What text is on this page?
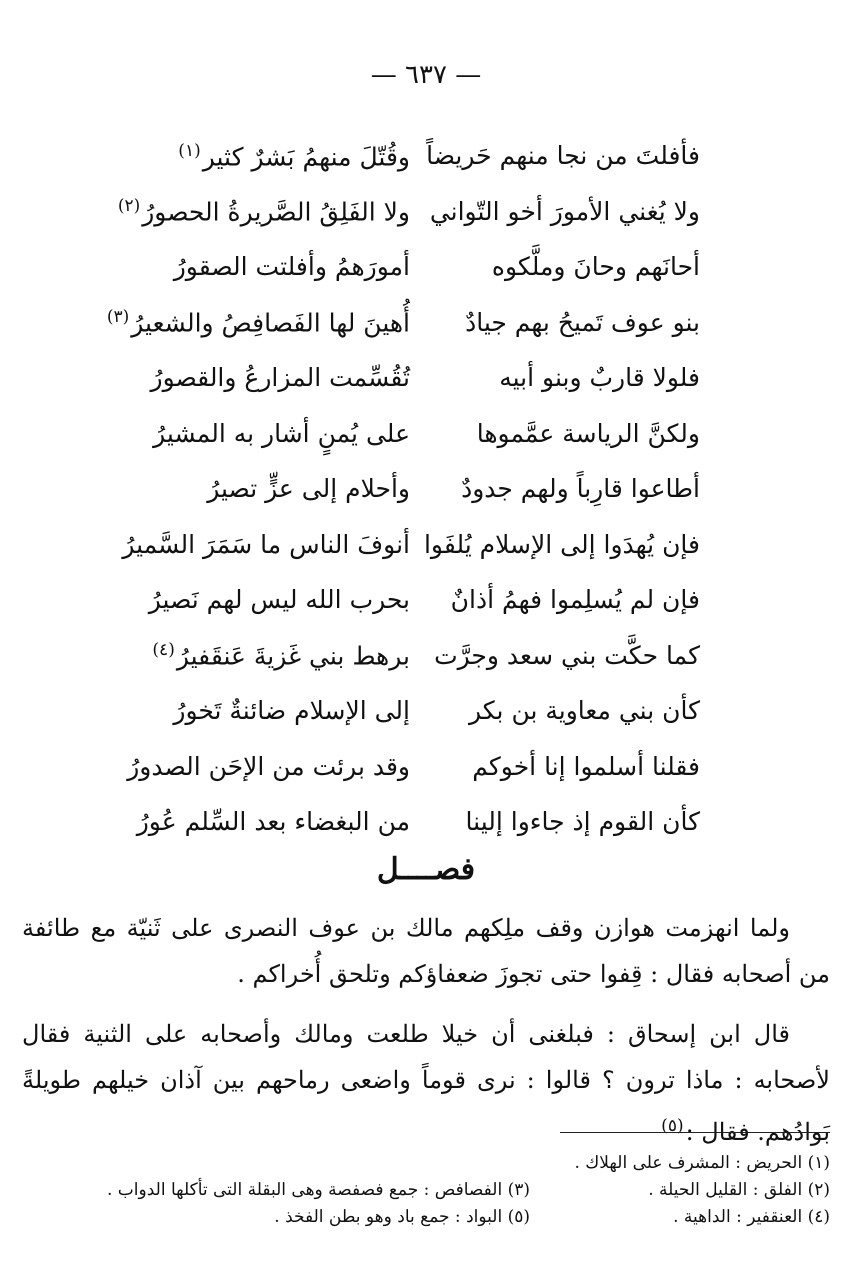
— ٦٣٧ —
فأفلتَ من نجا منهم حَريضاً
وقُتّلَ منهمُ بَشرٌ كثير$^{(١)}$
ولا يُغني الأمورَ أخو التّواني
ولا الفَلِقُ الصَّريرةُ الحصورُ$^{(٢)}$
أحانَهم وحانَ وملَّكوه
أمورَهمُ وأفلتت الصقورُ
بنو عوف تَميحُ بهم جيادٌ
أُهينَ لها الفَصافِصُ والشعيرُ$^{(٣)}$
فلولا قاربٌ وبنو أبيه
تُقُسِّمت المزارعُ والقصورُ
ولكنَّ الرياسة عمَّموها
على يُمنٍ أشار به المشيرُ
أطاعوا قارِباً ولهم جدودٌ
وأحلام إلى عزٍّ تصيرُ
فإن يُهدَوا إلى الإسلام يُلفَوا
أنوفَ الناس ما سَمَرَ السَّميرُ
فإن لم يُسلِموا فهمُ أذانٌ
بحرب الله ليس لهم نَصيرُ
كما حكَّت بني سعد وجرَّت
برهط بني غَزيةَ عَنقَفيرُ$^{(٤)}$
كأن بني معاوية بن بكر
إلى الإسلام ضائنةٌ تَخورُ
فقلنا أسلموا إنا أخوكم
وقد برئت من الإحَن الصدورُ
كأن القوم إذ جاءوا إلينا
من البغضاء بعد السِّلم عُورُ
فصــــل

ولما انهزمت هوازن وقف ملِكهم مالك بن عوف النصرى على ثَنيّة مع طائفة من أصحابه فقال : قِفوا حتى تجوزَ ضعفاؤكم وتلحق أُخراكم .

قال ابن إسحاق : فبلغنى أن خيلا طلعت ومالك وأصحابه على الثنية فقال لأصحابه : ماذا ترون ؟ قالوا : نرى قوماً واضعى رماحهم بين آذان خيلهم طويلةً بَوادُهم. فقال :$^{(٥)}$

(١) الحريض : المشرف على الهلاك .
(٢) الفلق : القليل الحيلة .
(٤) العنقفير : الداهية .
(٣) الفصافص : جمع فصفصة وهى البقلة التى تأكلها الدواب .
(٥) البواد : جمع باد وهو بطن الفخذ .
